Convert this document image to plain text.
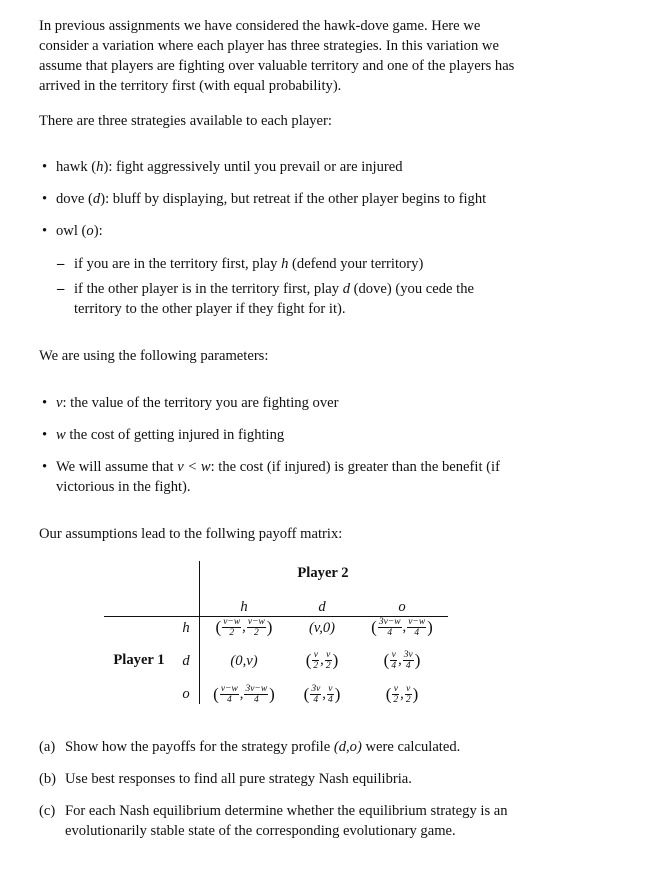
In previous assignments we have considered the hawk-dove game. Here we consider a variation where each player has three strategies. In this variation we assume that players are fighting over valuable territory and one of the players has arrived in the territory first (with equal probability).

There are three strategies available to each player:

• hawk (h): fight aggressively until you prevail or are injured
• dove (d): bluff by displaying, but retreat if the other player begins to fight
• owl (o):
– if you are in the territory first, play h (defend your territory)
– if the other player is in the territory first, play d (dove) (you cede the territory to the other player if they fight for it).

We are using the following parameters:

• v: the value of the territory you are fighting over
• w the cost of getting injured in fighting
• We will assume that v < w: the cost (if injured) is greater than the benefit (if victorious in the fight).

Our assumptions lead to the follwing payoff matrix:

Player 2
Player 1
h	d	o
h
d
o
( $\frac{v-w}{2}$ , $\frac{v-w}{2}$ )	(v,0)	( $\frac{3v-w}{4}$ , $\frac{v-w}{4}$ )
(0,v)	( $\frac{v}{2}$ , $\frac{v}{2}$ )	( $\frac{v}{4}$ , $\frac{3v}{4}$ )
( $\frac{v-w}{4}$ , $\frac{3v-w}{4}$ )	( $\frac{3v}{4}$ , $\frac{v}{4}$ )	( $\frac{v}{2}$ , $\frac{v}{2}$ )
(a) Show how the payoffs for the strategy profile (d,o) were calculated.
(b) Use best responses to find all pure strategy Nash equilibria.
(c) For each Nash equilibrium determine whether the equilibrium strategy is an evolutionarily stable state of the corresponding evolutionary game.
